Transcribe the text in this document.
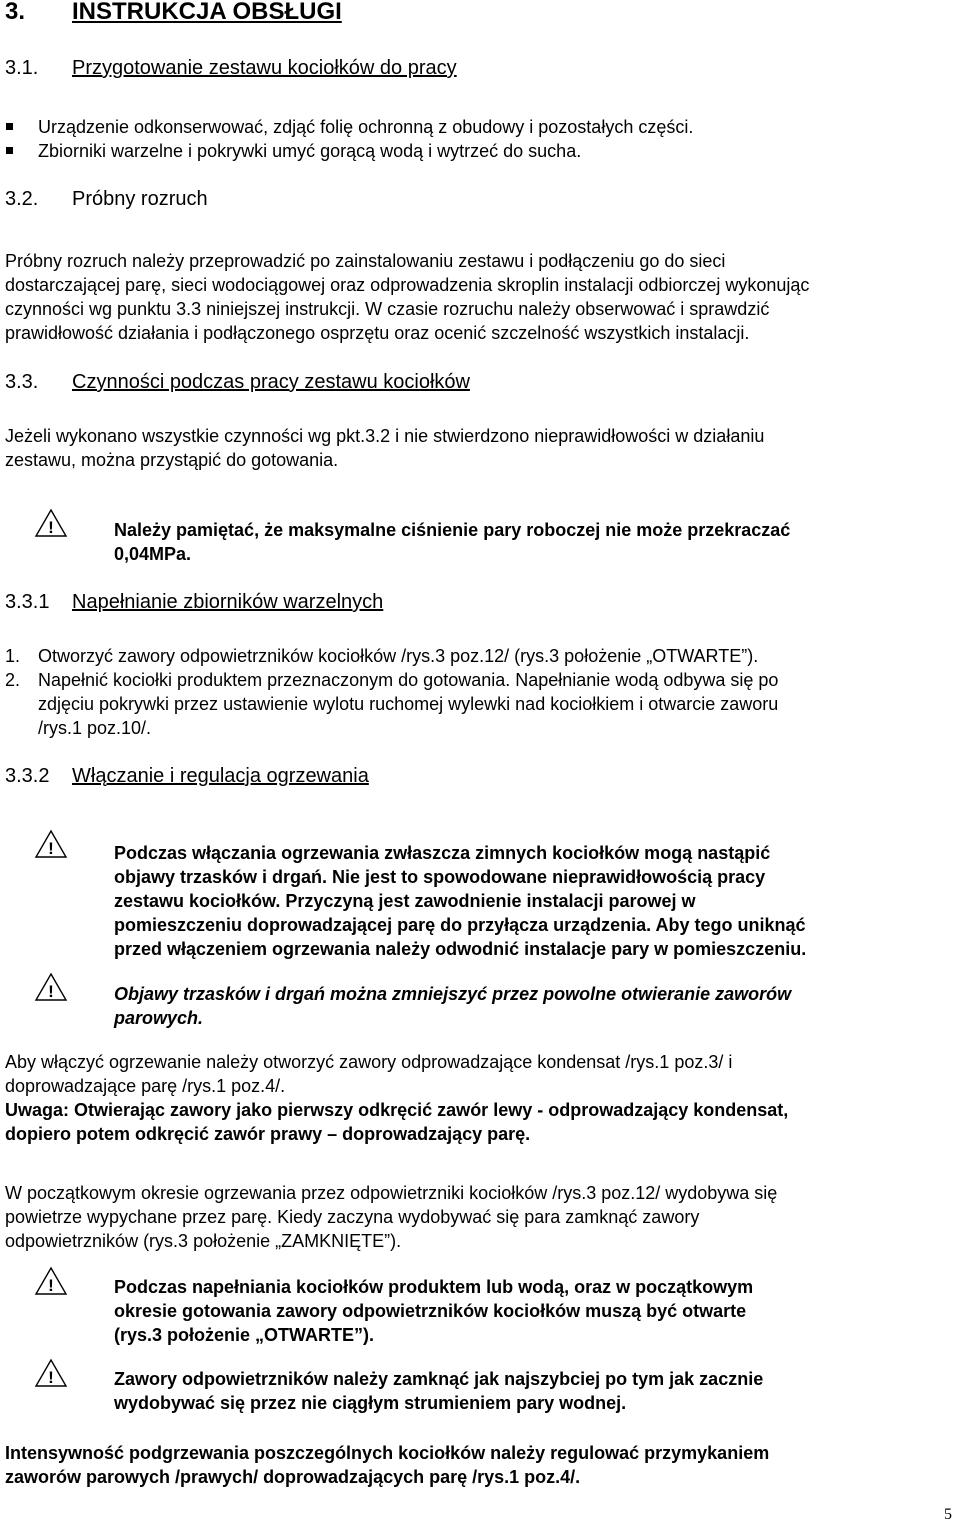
3. INSTRUKCJA OBSŁUGI
3.1. Przygotowanie zestawu kociołków do pracy
Urządzenie odkonserwować, zdjąć folię ochronną z obudowy i pozostałych części.
Zbiorniki warzelne i pokrywki umyć gorącą wodą i wytrzeć do sucha.
3.2. Próbny rozruch
Próbny rozruch należy przeprowadzić po zainstalowaniu zestawu i podłączeniu go do sieci
dostarczającej parę, sieci wodociągowej oraz odprowadzenia skroplin instalacji odbiorczej wykonując
czynności wg punktu 3.3 niniejszej instrukcji. W czasie rozruchu należy obserwować i sprawdzić
prawidłowość działania i podłączonego osprzętu oraz ocenić szczelność wszystkich instalacji.
3.3. Czynności podczas pracy zestawu kociołków
Jeżeli wykonano wszystkie czynności wg pkt.3.2 i nie stwierdzono nieprawidłowości w działaniu
zestawu, można przystąpić do gotowania.
!	Należy pamiętać, że maksymalne ciśnienie pary roboczej nie może przekraczać
0,04MPa.
3.3.1 Napełnianie zbiorników warzelnych
1. Otworzyć zawory odpowietrzników kociołków /rys.3 poz.12/ (rys.3 położenie „OTWARTE”).
2. Napełnić kociołki produktem przeznaczonym do gotowania. Napełnianie wodą odbywa się po
zdjęciu pokrywki przez ustawienie wylotu ruchomej wylewki nad kociołkiem i otwarcie zaworu
/rys.1 poz.10/.
3.3.2 Włączanie i regulacja ogrzewania
!	Podczas włączania ogrzewania zwłaszcza zimnych kociołków mogą nastąpić
objawy trzasków i drgań. Nie jest to spowodowane nieprawidłowością pracy
zestawu kociołków. Przyczyną jest zawodnienie instalacji parowej w
pomieszczeniu doprowadzającej parę do przyłącza urządzenia. Aby tego uniknąć
przed włączeniem ogrzewania należy odwodnić instalacje pary w pomieszczeniu.
!	Objawy trzasków i drgań można zmniejszyć przez powolne otwieranie zaworów
parowych.
Aby włączyć ogrzewanie należy otworzyć zawory odprowadzające kondensat /rys.1 poz.3/ i
doprowadzające parę /rys.1 poz.4/.
Uwaga: Otwierając zawory jako pierwszy odkręcić zawór lewy - odprowadzający kondensat,
dopiero potem odkręcić zawór prawy – doprowadzający parę.
W początkowym okresie ogrzewania przez odpowietrzniki kociołków /rys.3 poz.12/ wydobywa się
powietrze wypychane przez parę. Kiedy zaczyna wydobywać się para zamknąć zawory
odpowietrzników (rys.3 położenie „ZAMKNIĘTE”).
!	Podczas napełniania kociołków produktem lub wodą, oraz w początkowym
okresie gotowania zawory odpowietrzników kociołków muszą być otwarte
(rys.3 położenie „OTWARTE”).
!	Zawory odpowietrzników należy zamknąć jak najszybciej po tym jak zacznie
wydobywać się przez nie ciągłym strumieniem pary wodnej.
Intensywność podgrzewania poszczególnych kociołków należy regulować przymykaniem
zaworów parowych /prawych/ doprowadzających parę /rys.1 poz.4/.
5
